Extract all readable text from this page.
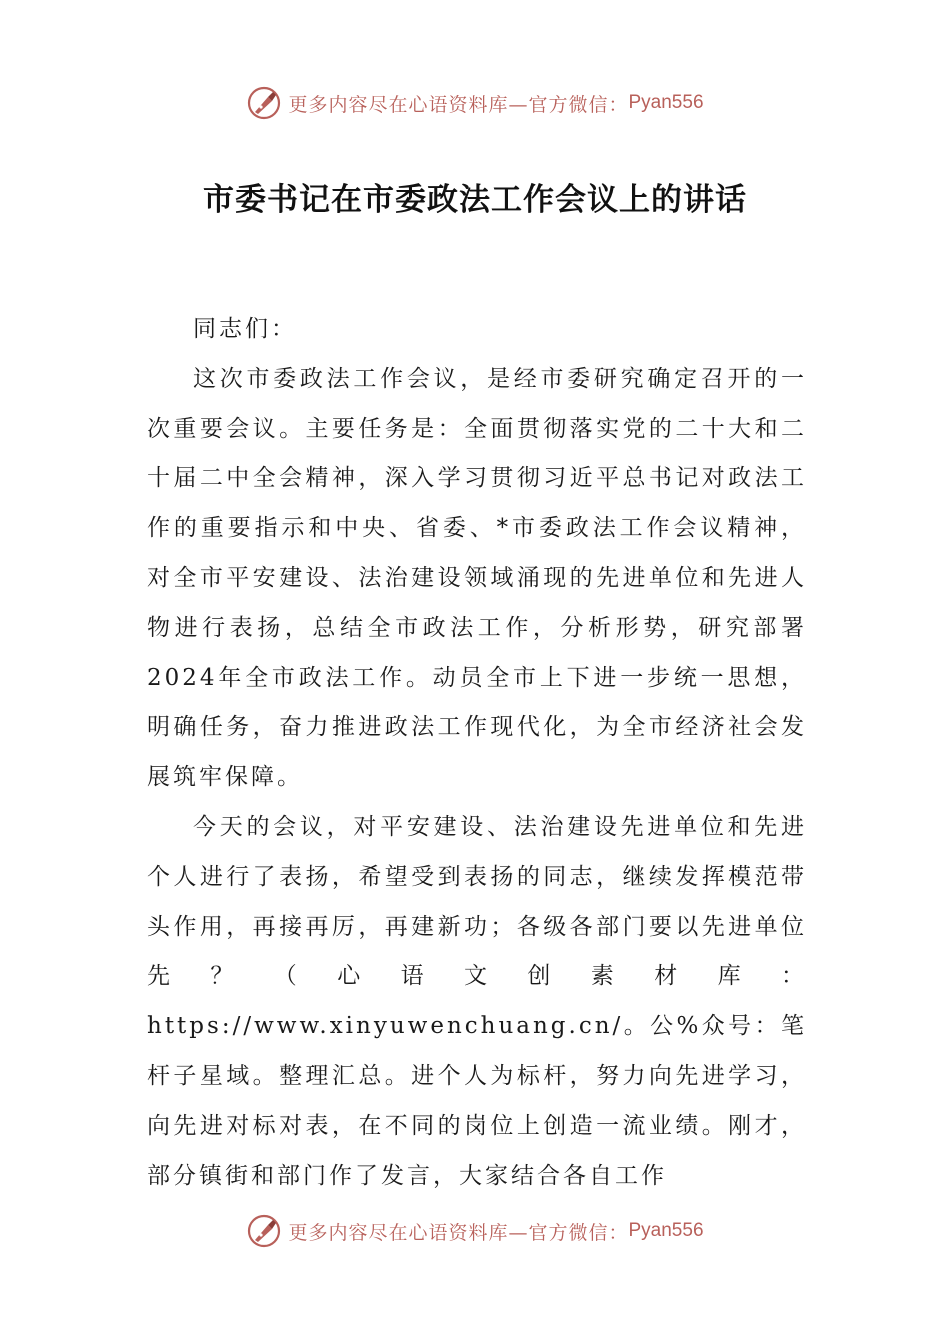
更多内容尽在心语资料库—官方微信： Pyan556
市委书记在市委政法工作会议上的讲话

同志们：

这次市委政法工作会议，是经市委研究确定召开的一次重要会议。主要任务是：全面贯彻落实党的二十大和二十届二中全会精神，深入学习贯彻习近平总书记对政法工作的重要指示和中央、省委、*市委政法工作会议精神，对全市平安建设、法治建设领域涌现的先进单位和先进人物进行表扬，总结全市政法工作，分析形势，研究部署2024年全市政法工作。动员全市上下进一步统一思想，明确任务，奋力推进政法工作现代化，为全市经济社会发展筑牢保障。

今天的会议，对平安建设、法治建设先进单位和先进个人进行了表扬，希望受到表扬的同志，继续发挥模范带头作用，再接再厉，再建新功；各级各部门要以先进单位先？（心语文创素材库：https://www.xinyuwenchuang.cn/。公%众号：笔杆子星域。整理汇总。进个人为标杆，努力向先进学习，向先进对标对表，在不同的岗位上创造一流业绩。刚才，部分镇街和部门作了发言，大家结合各自工作

更多内容尽在心语资料库—官方微信： Pyan556
